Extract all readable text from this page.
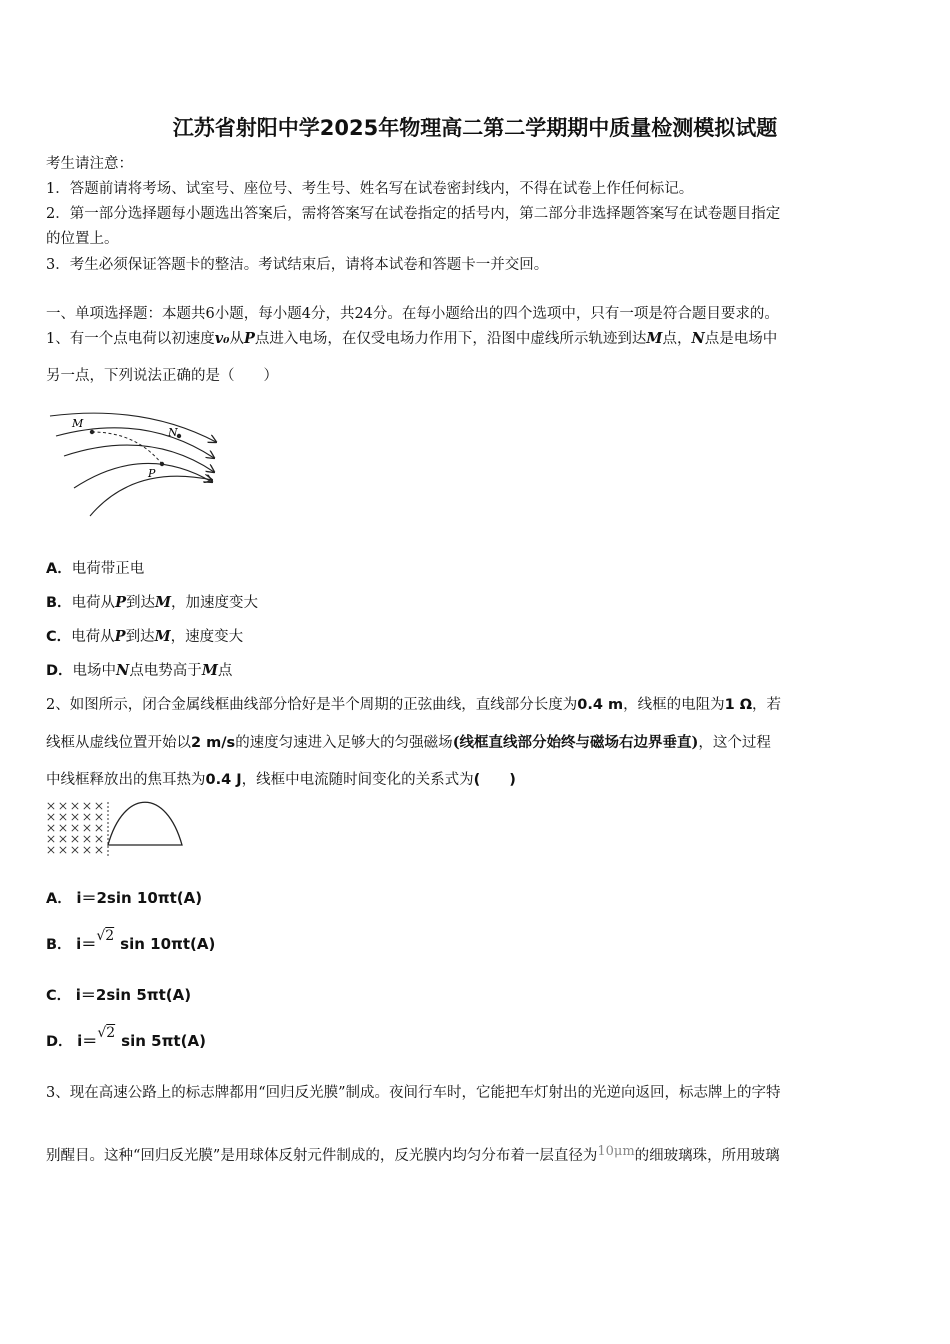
江苏省射阳中学2025年物理高二第二学期期中质量检测模拟试题
考生请注意：
1．答题前请将考场、试室号、座位号、考生号、姓名写在试卷密封线内，不得在试卷上作任何标记。
2．第一部分选择题每小题选出答案后，需将答案写在试卷指定的括号内，第二部分非选择题答案写在试卷题目指定
的位置上。
3．考生必须保证答题卡的整洁。考试结束后，请将本试卷和答题卡一并交回。
一、单项选择题：本题共6小题，每小题4分，共24分。在每小题给出的四个选项中，只有一项是符合题目要求的。
1、有一个点电荷以初速度v₀从P点进入电场，在仅受电场力作用下，沿图中虚线所示轨迹到达M点，N点是电场中
另一点，下列说法正确的是（　　）
M
N
P
A．电荷带正电
B．电荷从P到达M，加速度变大
C．电荷从P到达M，速度变大
D．电场中N点电势高于M点
2、如图所示，闭合金属线框曲线部分恰好是半个周期的正弦曲线，直线部分长度为0.4 m，线框的电阻为1 Ω，若
线框从虚线位置开始以2 m/s的速度匀速进入足够大的匀强磁场(线框直线部分始终与磁场右边界垂直)，这个过程
中线框释放出的焦耳热为0.4 J，线框中电流随时间变化的关系式为(　　)
A． i＝2sin 10πt(A)
B． i＝√2 sin 10πt(A)
C． i＝2sin 5πt(A)
D． i＝√2 sin 5πt(A)
3、现在高速公路上的标志牌都用“回归反光膜”制成。夜间行车时，它能把车灯射出的光逆向返回，标志牌上的字特
别醒目。这种“回归反光膜”是用球体反射元件制成的，反光膜内均匀分布着一层直径为10μm的细玻璃珠，所用玻璃
